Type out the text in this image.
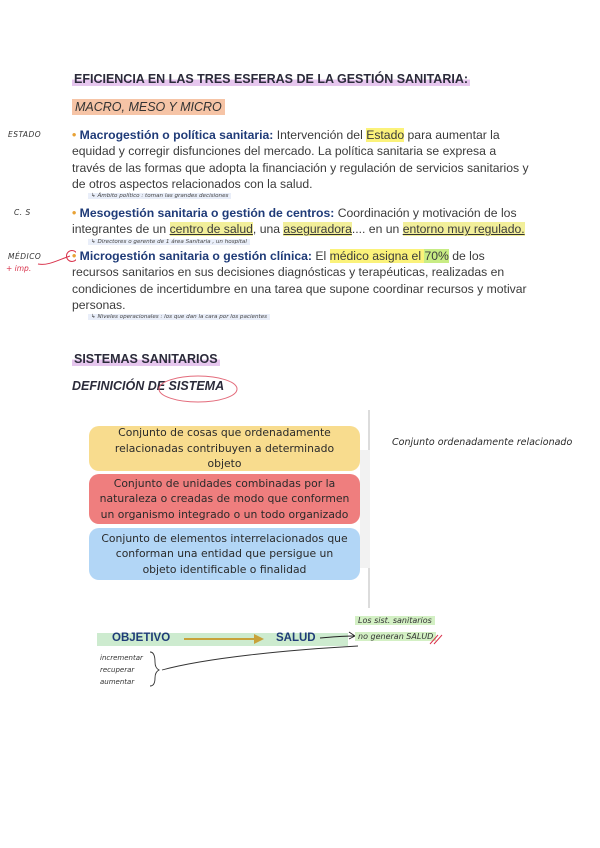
EFICIENCIA EN LAS TRES ESFERAS DE LA GESTIÓN SANITARIA:
MACRO, MESO Y MICRO
ESTADO
C. S
MÉDICO
+ imp.
• Macrogestión o política sanitaria: Intervención del Estado para aumentar la equidad y corregir disfunciones del mercado. La política sanitaria se expresa a través de las formas que adopta la financiación y regulación de servicios sanitarios y de otros aspectos relacionados con la salud.
↳ Ámbito político : toman las grandes decisiones
• Mesogestión sanitaria o gestión de centros: Coordinación y motivación de los integrantes de un centro de salud, una aseguradora.... en un entorno muy regulado.
↳ Directores o gerente de 1 área Sanitaria , un hospital
• Microgestión sanitaria o gestión clínica: El médico asigna el 70% de los recursos sanitarios en sus decisiones diagnósticas y terapéuticas, realizadas en condiciones de incertidumbre en una tarea que supone coordinar recursos y motivar personas.
↳ Niveles operacionales : los que dan la cara por los pacientes
SISTEMAS SANITARIOS
DEFINICIÓN DE SISTEMA
Conjunto de cosas que ordenadamente relacionadas contribuyen a determinado objeto
Conjunto de unidades combinadas por la naturaleza o creadas de modo que conformen un organismo integrado o un todo organizado
Conjunto de elementos interrelacionados que conforman una entidad que persigue un objeto identificable o finalidad
Conjunto ordenadamente relacionado
OBJETIVO	SALUD
Los sist. sanitarios
no generan SALUD
incrementar
recuperar
aumentar
